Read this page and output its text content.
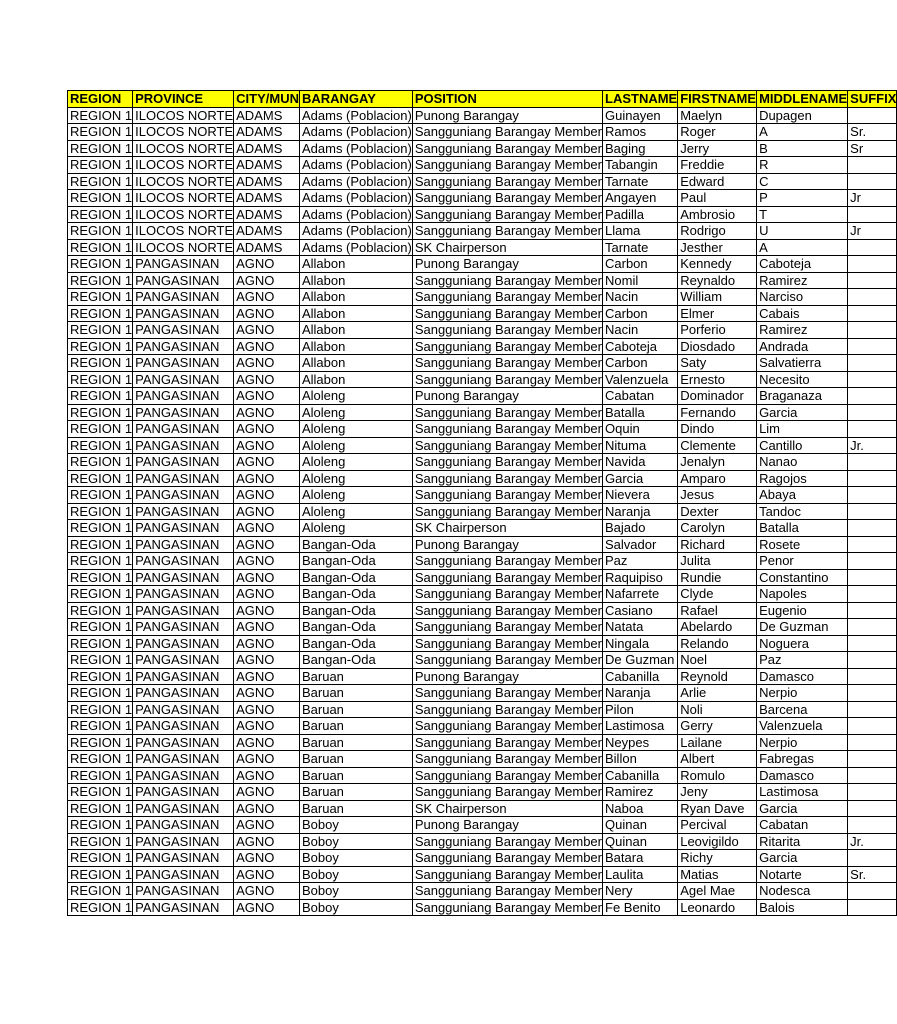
REGION	PROVINCE	CITY/MUN	BARANGAY	POSITION	LASTNAME	FIRSTNAME	MIDDLENAME	SUFFIX
REGION 1	ILOCOS NORTE	ADAMS	Adams (Poblacion)	Punong Barangay	Guinayen	Maelyn	Dupagen	
REGION 1	ILOCOS NORTE	ADAMS	Adams (Poblacion)	Sangguniang Barangay Member	Ramos	Roger	A	Sr.
REGION 1	ILOCOS NORTE	ADAMS	Adams (Poblacion)	Sangguniang Barangay Member	Baging	Jerry	B	Sr
REGION 1	ILOCOS NORTE	ADAMS	Adams (Poblacion)	Sangguniang Barangay Member	Tabangin	Freddie	R	
REGION 1	ILOCOS NORTE	ADAMS	Adams (Poblacion)	Sangguniang Barangay Member	Tarnate	Edward	C	
REGION 1	ILOCOS NORTE	ADAMS	Adams (Poblacion)	Sangguniang Barangay Member	Angayen	Paul	P	Jr
REGION 1	ILOCOS NORTE	ADAMS	Adams (Poblacion)	Sangguniang Barangay Member	Padilla	Ambrosio	T	
REGION 1	ILOCOS NORTE	ADAMS	Adams (Poblacion)	Sangguniang Barangay Member	Llama	Rodrigo	U	Jr
REGION 1	ILOCOS NORTE	ADAMS	Adams (Poblacion)	SK Chairperson	Tarnate	Jesther	A	
REGION 1	PANGASINAN	AGNO	Allabon	Punong Barangay	Carbon	Kennedy	Caboteja	
REGION 1	PANGASINAN	AGNO	Allabon	Sangguniang Barangay Member	Nomil	Reynaldo	Ramirez	
REGION 1	PANGASINAN	AGNO	Allabon	Sangguniang Barangay Member	Nacin	William	Narciso	
REGION 1	PANGASINAN	AGNO	Allabon	Sangguniang Barangay Member	Carbon	Elmer	Cabais	
REGION 1	PANGASINAN	AGNO	Allabon	Sangguniang Barangay Member	Nacin	Porferio	Ramirez	
REGION 1	PANGASINAN	AGNO	Allabon	Sangguniang Barangay Member	Caboteja	Diosdado	Andrada	
REGION 1	PANGASINAN	AGNO	Allabon	Sangguniang Barangay Member	Carbon	Saty	Salvatierra	
REGION 1	PANGASINAN	AGNO	Allabon	Sangguniang Barangay Member	Valenzuela	Ernesto	Necesito	
REGION 1	PANGASINAN	AGNO	Aloleng	Punong Barangay	Cabatan	Dominador	Braganaza	
REGION 1	PANGASINAN	AGNO	Aloleng	Sangguniang Barangay Member	Batalla	Fernando	Garcia	
REGION 1	PANGASINAN	AGNO	Aloleng	Sangguniang Barangay Member	Oquin	Dindo	Lim	
REGION 1	PANGASINAN	AGNO	Aloleng	Sangguniang Barangay Member	Nituma	Clemente	Cantillo	Jr.
REGION 1	PANGASINAN	AGNO	Aloleng	Sangguniang Barangay Member	Navida	Jenalyn	Nanao	
REGION 1	PANGASINAN	AGNO	Aloleng	Sangguniang Barangay Member	Garcia	Amparo	Ragojos	
REGION 1	PANGASINAN	AGNO	Aloleng	Sangguniang Barangay Member	Nievera	Jesus	Abaya	
REGION 1	PANGASINAN	AGNO	Aloleng	Sangguniang Barangay Member	Naranja	Dexter	Tandoc	
REGION 1	PANGASINAN	AGNO	Aloleng	SK Chairperson	Bajado	Carolyn	Batalla	
REGION 1	PANGASINAN	AGNO	Bangan-Oda	Punong Barangay	Salvador	Richard	Rosete	
REGION 1	PANGASINAN	AGNO	Bangan-Oda	Sangguniang Barangay Member	Paz	Julita	Penor	
REGION 1	PANGASINAN	AGNO	Bangan-Oda	Sangguniang Barangay Member	Raquipiso	Rundie	Constantino	
REGION 1	PANGASINAN	AGNO	Bangan-Oda	Sangguniang Barangay Member	Nafarrete	Clyde	Napoles	
REGION 1	PANGASINAN	AGNO	Bangan-Oda	Sangguniang Barangay Member	Casiano	Rafael	Eugenio	
REGION 1	PANGASINAN	AGNO	Bangan-Oda	Sangguniang Barangay Member	Natata	Abelardo	De Guzman	
REGION 1	PANGASINAN	AGNO	Bangan-Oda	Sangguniang Barangay Member	Ningala	Relando	Noguera	
REGION 1	PANGASINAN	AGNO	Bangan-Oda	Sangguniang Barangay Member	De Guzman	Noel	Paz	
REGION 1	PANGASINAN	AGNO	Baruan	Punong Barangay	Cabanilla	Reynold	Damasco	
REGION 1	PANGASINAN	AGNO	Baruan	Sangguniang Barangay Member	Naranja	Arlie	Nerpio	
REGION 1	PANGASINAN	AGNO	Baruan	Sangguniang Barangay Member	Pilon	Noli	Barcena	
REGION 1	PANGASINAN	AGNO	Baruan	Sangguniang Barangay Member	Lastimosa	Gerry	Valenzuela	
REGION 1	PANGASINAN	AGNO	Baruan	Sangguniang Barangay Member	Neypes	Lailane	Nerpio	
REGION 1	PANGASINAN	AGNO	Baruan	Sangguniang Barangay Member	Billon	Albert	Fabregas	
REGION 1	PANGASINAN	AGNO	Baruan	Sangguniang Barangay Member	Cabanilla	Romulo	Damasco	
REGION 1	PANGASINAN	AGNO	Baruan	Sangguniang Barangay Member	Ramirez	Jeny	Lastimosa	
REGION 1	PANGASINAN	AGNO	Baruan	SK Chairperson	Naboa	Ryan Dave	Garcia	
REGION 1	PANGASINAN	AGNO	Boboy	Punong Barangay	Quinan	Percival	Cabatan	
REGION 1	PANGASINAN	AGNO	Boboy	Sangguniang Barangay Member	Quinan	Leovigildo	Ritarita	Jr.
REGION 1	PANGASINAN	AGNO	Boboy	Sangguniang Barangay Member	Batara	Richy	Garcia	
REGION 1	PANGASINAN	AGNO	Boboy	Sangguniang Barangay Member	Laulita	Matias	Notarte	Sr.
REGION 1	PANGASINAN	AGNO	Boboy	Sangguniang Barangay Member	Nery	Agel Mae	Nodesca	
REGION 1	PANGASINAN	AGNO	Boboy	Sangguniang Barangay Member	Fe Benito	Leonardo	Balois	
